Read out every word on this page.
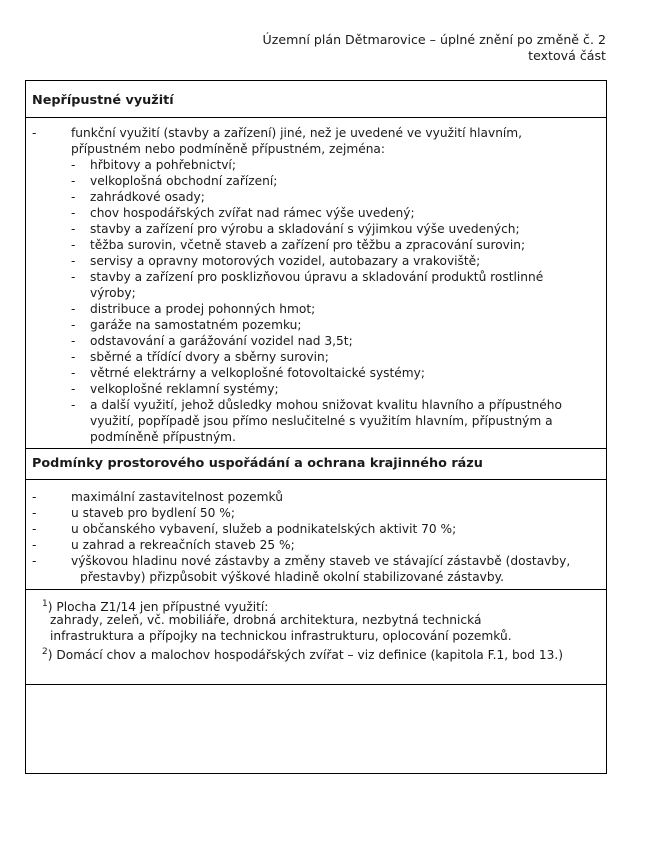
Územní plán Dětmarovice – úplné znění po změně č. 2
textová část
Nepřípustné využití
-	funkční využití (stavby a zařízení) jiné, než je uvedené ve využití hlavním,
přípustném nebo podmíněně přípustném, zejména:
- hřbitovy a pohřebnictví;
- velkoplošná obchodní zařízení;
- zahrádkové osady;
- chov hospodářských zvířat nad rámec výše uvedený;
- stavby a zařízení pro výrobu a skladování s výjimkou výše uvedených;
- těžba surovin, včetně staveb a zařízení pro těžbu a zpracování surovin;
- servisy a opravny motorových vozidel, autobazary a vrakoviště;
- stavby a zařízení pro posklizňovou úpravu a skladování produktů rostlinné
výroby;
- distribuce a prodej pohonných hmot;
- garáže na samostatném pozemku;
- odstavování a garážování vozidel nad 3,5t;
- sběrné a třídící dvory a sběrny surovin;
- větrné elektrárny a velkoplošné fotovoltaické systémy;
- velkoplošné reklamní systémy;
- a další využití, jehož důsledky mohou snižovat kvalitu hlavního a přípustného
využití, popřípadě jsou přímo neslučitelné s využitím hlavním, přípustným a
podmíněně přípustným.
Podmínky prostorového uspořádání a ochrana krajinného rázu
-	maximální zastavitelnost pozemků
-	u staveb pro bydlení 50 %;
-	u občanského vybavení, služeb a podnikatelských aktivit 70 %;
-	u zahrad a rekreačních staveb 25 %;
-	výškovou hladinu nové zástavby a změny staveb ve stávající zástavbě (dostavby,
přestavby) přizpůsobit výškové hladině okolní stabilizované zástavby.
$^1$) Plocha Z1/14 jen přípustné využití:
zahrady, zeleň, vč. mobiliáře, drobná architektura, nezbytná technická
infrastruktura a přípojky na technickou infrastrukturu, oplocování pozemků.
$^2$) Domácí chov a malochov hospodářských zvířat – viz definice (kapitola F.1, bod 13.)
